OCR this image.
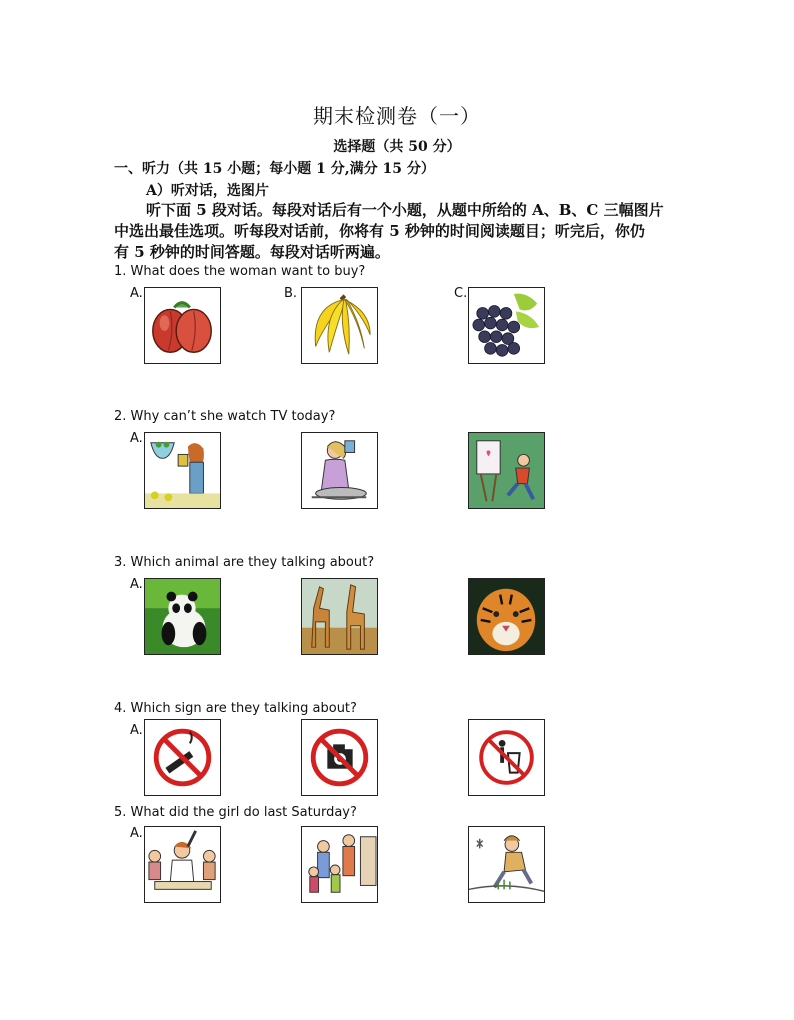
期末检测卷（一）
选择题（共 50 分）
一、听力（共 15 小题；每小题 1 分,满分 15 分）
A）听对话，选图片
听下面 5 段对话。每段对话后有一个小题，从题中所给的 A、B、C 三幅图片
中选出最佳选项。听每段对话前，你将有 5 秒钟的时间阅读题目；听完后，你仍
有 5 秒钟的时间答题。每段对话听两遍。
1. What does the woman want to buy?
A.	B.	C.
2. Why can’t she watch TV today?
A.
3. Which animal are they talking about?
A.
4. Which sign are they talking about?
A.
5. What did the girl do last Saturday?
A.
